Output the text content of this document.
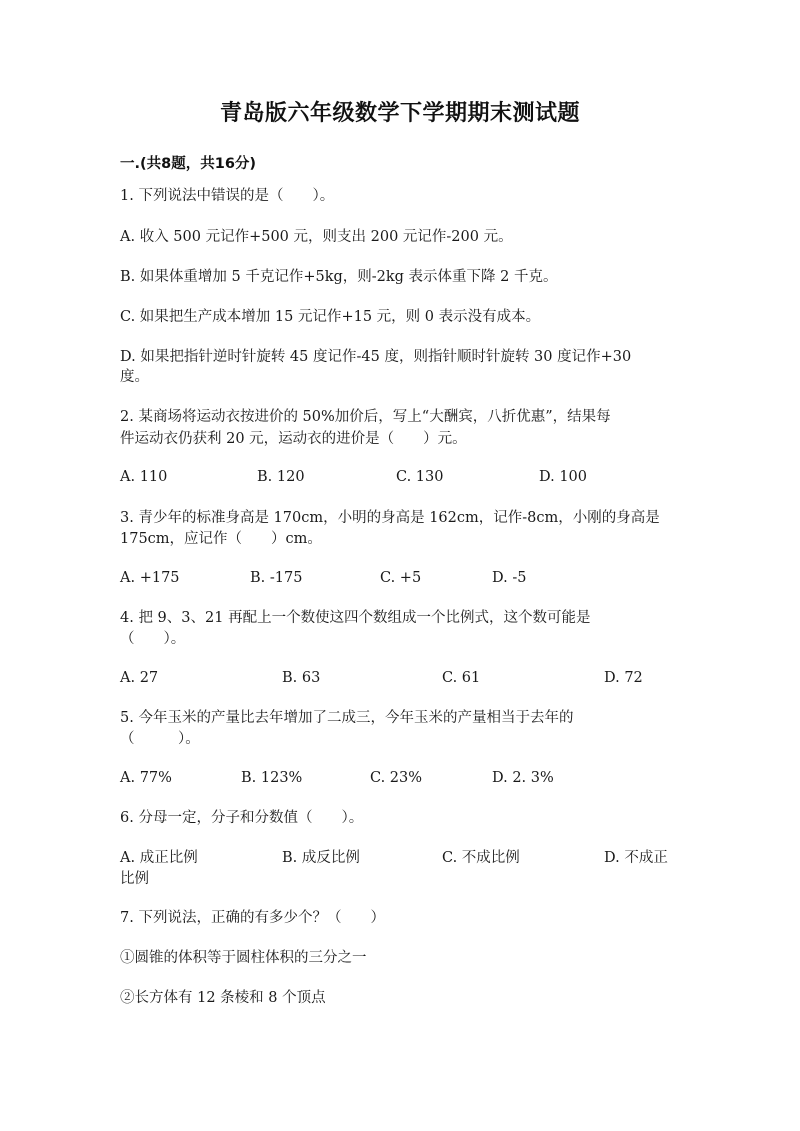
青岛版六年级数学下学期期末测试题
一.(共8题，共16分)
1. 下列说法中错误的是（　　）。
A. 收入 500 元记作+500 元，则支出 200 元记作-200 元。
B. 如果体重增加 5 千克记作+5kg，则-2kg 表示体重下降 2 千克。
C. 如果把生产成本增加 15 元记作+15 元，则 0 表示没有成本。
D. 如果把指针逆时针旋转 45 度记作-45 度，则指针顺时针旋转 30 度记作+30
度。
2. 某商场将运动衣按进价的 50%加价后，写上“大酬宾，八折优惠”，结果每
件运动衣仍获利 20 元，运动衣的进价是（　　）元。
A. 110	B. 120	C. 130	D. 100
3. 青少年的标准身高是 170cm，小明的身高是 162cm，记作-8cm，小刚的身高是
175cm，应记作（　　）cm。
A. +175	B. -175	C. +5	D. -5
4. 把 9、3、21 再配上一个数使这四个数组成一个比例式，这个数可能是
（　　）。
A. 27	B. 63	C. 61	D. 72
5. 今年玉米的产量比去年增加了二成三，今年玉米的产量相当于去年的
（　　　）。
A. 77%	B. 123%	C. 23%	D. 2. 3%
6. 分母一定，分子和分数值（　　）。
A. 成正比例	B. 成反比例	C. 不成比例	D. 不成正
比例
7. 下列说法，正确的有多少个？（　　）
①圆锥的体积等于圆柱体积的三分之一
②长方体有 12 条棱和 8 个顶点
